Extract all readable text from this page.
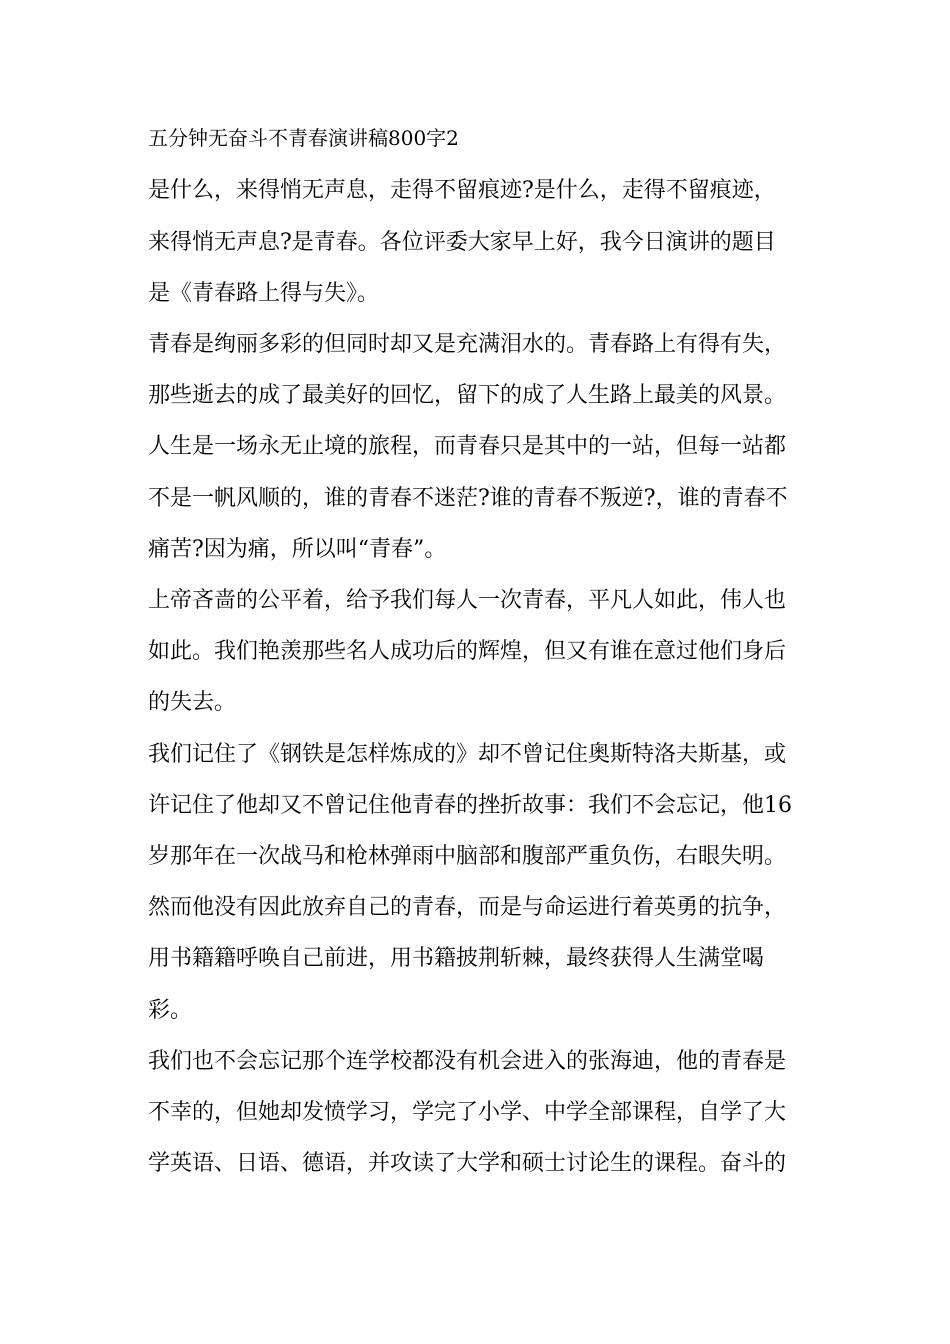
五分钟无奋斗不青春演讲稿800字2
是什么，来得悄无声息，走得不留痕迹?是什么，走得不留痕迹，
来得悄无声息?是青春。各位评委大家早上好，我今日演讲的题目
是《青春路上得与失》。
青春是绚丽多彩的但同时却又是充满泪水的。青春路上有得有失，
那些逝去的成了最美好的回忆，留下的成了人生路上最美的风景。
人生是一场永无止境的旅程，而青春只是其中的一站，但每一站都
不是一帆风顺的，谁的青春不迷茫?谁的青春不叛逆?，谁的青春不
痛苦?因为痛，所以叫“青春”。
上帝吝啬的公平着，给予我们每人一次青春，平凡人如此，伟人也
如此。我们艳羡那些名人成功后的辉煌，但又有谁在意过他们身后
的失去。
我们记住了《钢铁是怎样炼成的》却不曾记住奥斯特洛夫斯基，或
许记住了他却又不曾记住他青春的挫折故事：我们不会忘记，他16
岁那年在一次战马和枪林弹雨中脑部和腹部严重负伤，右眼失明。
然而他没有因此放弃自己的青春，而是与命运进行着英勇的抗争，
用书籍籍呼唤自己前进，用书籍披荆斩棘，最终获得人生满堂喝
彩。
我们也不会忘记那个连学校都没有机会进入的张海迪，他的青春是
不幸的，但她却发愤学习，学完了小学、中学全部课程，自学了大
学英语、日语、德语，并攻读了大学和硕士讨论生的课程。奋斗的
